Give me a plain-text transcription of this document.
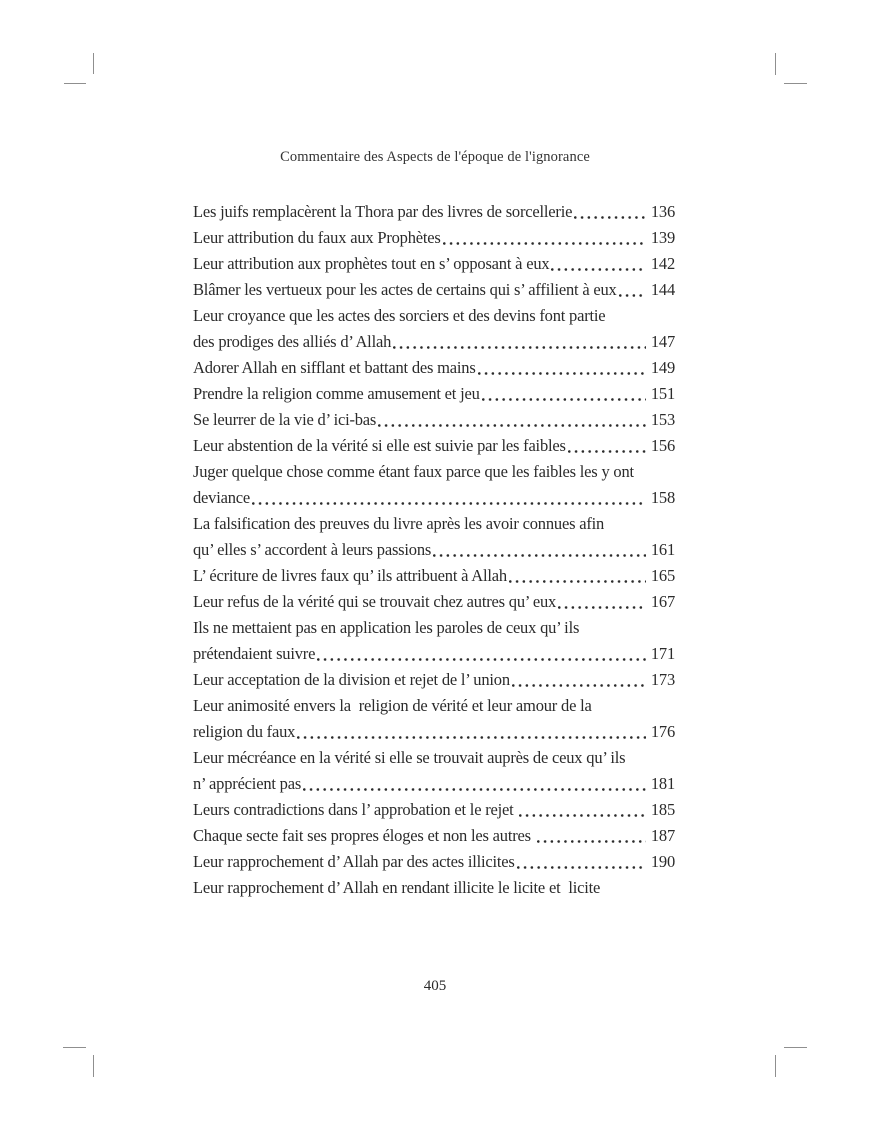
Commentaire des Aspects de l'époque de l'ignorance
Les juifs remplacèrent la Thora par des livres de sorcellerie	136
Leur attribution du faux aux Prophètes	139
Leur attribution aux prophètes tout en s’ opposant à eux	142
Blâmer les vertueux pour les actes de certains qui s’ affilient à eux 144
Leur croyance que les actes des sorciers et des devins font partie
des prodiges des alliés d’ Allah	147
Adorer Allah en sifflant et battant des mains	149
Prendre la religion comme amusement et jeu	151
Se leurrer de la vie d’ ici-bas	153
Leur abstention de la vérité si elle est suivie par les faibles	156
Juger quelque chose comme étant faux parce que les faibles les y ont
deviance	158
La falsification des preuves du livre après les avoir connues afin
qu’ elles s’ accordent à leurs passions	161
L’ écriture de livres faux qu’ ils attribuent à Allah	165
Leur refus de la vérité qui se trouvait chez autres qu’ eux	167
Ils ne mettaient pas en application les paroles de ceux qu’ ils
prétendaient suivre	171
Leur acceptation de la division et rejet de l’ union	173
Leur animosité envers la  religion de vérité et leur amour de la
religion du faux	176
Leur mécréance en la vérité si elle se trouvait auprès de ceux qu’ ils
n’ apprécient pas	181
Leurs contradictions dans l’ approbation et le rejet	185
Chaque secte fait ses propres éloges et non les autres	187
Leur rapprochement d’ Allah par des actes illicites	190
Leur rapprochement d’ Allah en rendant illicite le licite et  licite
405
